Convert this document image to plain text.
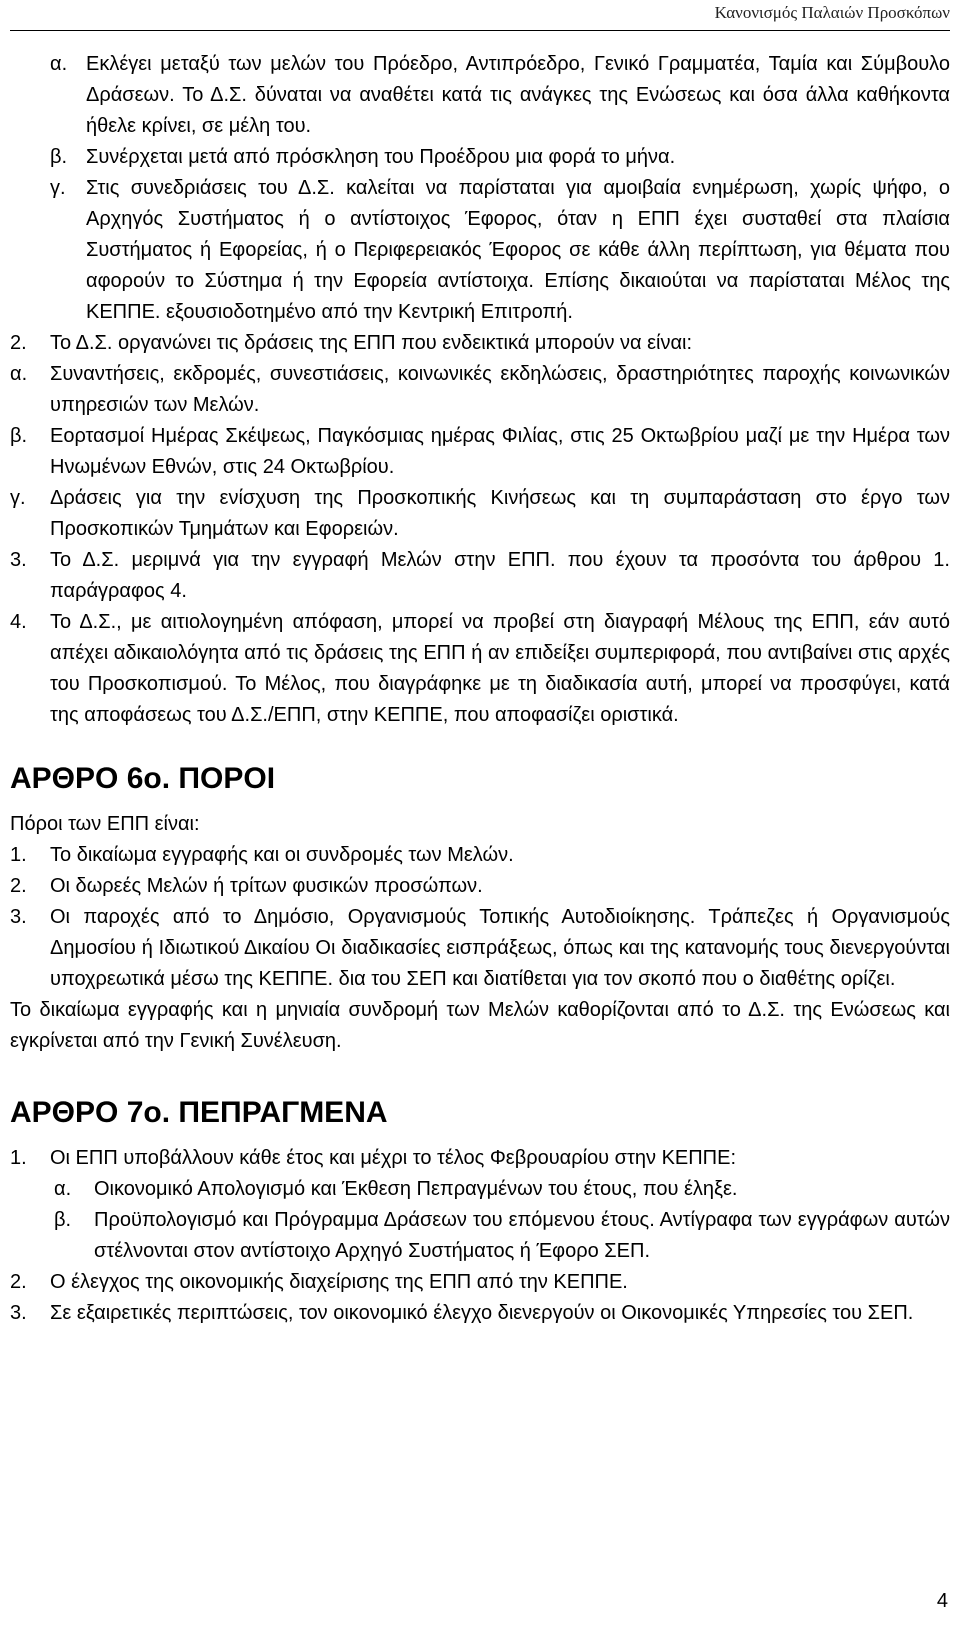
Κανονισμός Παλαιών Προσκόπων
α. Εκλέγει μεταξύ των μελών του Πρόεδρο, Αντιπρόεδρο, Γενικό Γραμματέα, Ταμία και Σύμβουλο Δράσεων. Το Δ.Σ. δύναται να αναθέτει κατά τις ανάγκες της Ενώσεως και όσα άλλα καθήκοντα ήθελε κρίνει, σε μέλη του.
β. Συνέρχεται μετά από πρόσκληση του Προέδρου μια φορά το μήνα.
γ. Στις συνεδριάσεις του Δ.Σ. καλείται να παρίσταται για αμοιβαία ενημέρωση, χωρίς ψήφο, ο Αρχηγός Συστήματος ή ο αντίστοιχος Έφορος, όταν η ΕΠΠ έχει συσταθεί στα πλαίσια Συστήματος ή Εφορείας, ή ο Περιφερειακός Έφορος σε κάθε άλλη περίπτωση, για θέματα που αφορούν το Σύστημα ή την Εφορεία αντίστοιχα. Επίσης δικαιούται να παρίσταται Μέλος της ΚΕΠΠΕ. εξουσιοδοτημένο από την Κεντρική Επιτροπή.
2. Το Δ.Σ. οργανώνει τις δράσεις της ΕΠΠ που ενδεικτικά μπορούν να είναι:
α. Συναντήσεις, εκδρομές, συνεστιάσεις, κοινωνικές εκδηλώσεις, δραστηριότητες παροχής κοινωνικών υπηρεσιών των Μελών.
β. Εορτασμοί Ημέρας Σκέψεως, Παγκόσμιας ημέρας Φιλίας, στις 25 Οκτωβρίου μαζί με την Ημέρα των Ηνωμένων Εθνών, στις 24 Οκτωβρίου.
γ. Δράσεις για την ενίσχυση της Προσκοπικής Κινήσεως και τη συμπαράσταση στο έργο των Προσκοπικών Τμημάτων και Εφορειών.
3. Το Δ.Σ. μεριμνά για την εγγραφή Μελών στην ΕΠΠ. που έχουν τα προσόντα του άρθρου 1. παράγραφος 4.
4. Το Δ.Σ., με αιτιολογημένη απόφαση, μπορεί να προβεί στη διαγραφή Μέλους της ΕΠΠ, εάν αυτό απέχει αδικαιολόγητα από τις δράσεις της ΕΠΠ ή αν επιδείξει συμπεριφορά, που αντιβαίνει στις αρχές του Προσκοπισμού. Το Μέλος, που διαγράφηκε με τη διαδικασία αυτή, μπορεί να προσφύγει, κατά της αποφάσεως του Δ.Σ./ΕΠΠ, στην ΚΕΠΠΕ, που αποφασίζει οριστικά.
ΑΡΘΡΟ 6ο. ΠΟΡΟΙ
Πόροι των ΕΠΠ είναι:
1. Το δικαίωμα εγγραφής και οι συνδρομές των Μελών.
2. Οι δωρεές Μελών ή τρίτων φυσικών προσώπων.
3. Οι παροχές από το Δημόσιο, Οργανισμούς Τοπικής Αυτοδιοίκησης. Τράπεζες ή Οργανισμούς Δημοσίου ή Ιδιωτικού Δικαίου Οι διαδικασίες εισπράξεως, όπως και της κατανομής τους διενεργούνται υποχρεωτικά μέσω της ΚΕΠΠΕ. δια του ΣΕΠ και διατίθεται για τον σκοπό που ο διαθέτης ορίζει.
Το δικαίωμα εγγραφής και η μηνιαία συνδρομή των Μελών καθορίζονται από το Δ.Σ. της Ενώσεως και εγκρίνεται από την Γενική Συνέλευση.
ΑΡΘΡΟ 7ο. ΠΕΠΡΑΓΜΕΝΑ
1. Οι ΕΠΠ υποβάλλουν κάθε έτος και μέχρι το τέλος Φεβρουαρίου στην ΚΕΠΠΕ:
α. Οικονομικό Απολογισμό και Έκθεση Πεπραγμένων του έτους, που έληξε.
β. Προϋπολογισμό και Πρόγραμμα Δράσεων του επόμενου έτους. Αντίγραφα των εγγράφων αυτών στέλνονται στον αντίστοιχο Αρχηγό Συστήματος ή Έφορο ΣΕΠ.
2. Ο έλεγχος της οικονομικής διαχείρισης της ΕΠΠ από την ΚΕΠΠΕ.
3. Σε εξαιρετικές περιπτώσεις, τον οικονομικό έλεγχο διενεργούν οι Οικονομικές Υπηρεσίες του ΣΕΠ.
4
